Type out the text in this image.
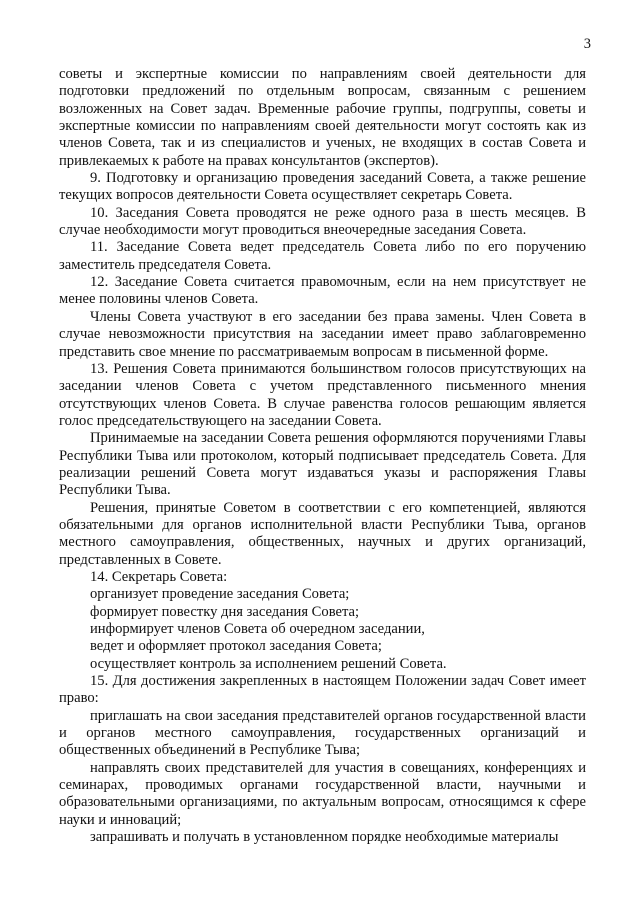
3

советы и экспертные комиссии по направлениям своей деятельности для подготовки предложений по отдельным вопросам, связанным с решением возложенных на Совет задач. Временные рабочие группы, подгруппы, советы и экспертные комиссии по направлениям своей деятельности могут состоять как из членов Совета, так и из специалистов и ученых, не входящих в состав Совета и привлекаемых к работе на правах консультантов (экспертов).

9. Подготовку и организацию проведения заседаний Совета, а также решение текущих вопросов деятельности Совета осуществляет секретарь Совета.

10. Заседания Совета проводятся не реже одного раза в шесть месяцев. В случае необходимости могут проводиться внеочередные заседания Совета.

11. Заседание Совета ведет председатель Совета либо по его поручению заместитель председателя Совета.

12. Заседание Совета считается правомочным, если на нем присутствует не менее половины членов Совета.

Члены Совета участвуют в его заседании без права замены. Член Совета в случае невозможности присутствия на заседании имеет право заблаговременно представить свое мнение по рассматриваемым вопросам в письменной форме.

13. Решения Совета принимаются большинством голосов присутствующих на заседании членов Совета с учетом представленного письменного мнения отсутствующих членов Совета. В случае равенства голосов решающим является голос председательствующего на заседании Совета.

Принимаемые на заседании Совета решения оформляются поручениями Главы Республики Тыва или протоколом, который подписывает председатель Совета. Для реализации решений Совета могут издаваться указы и распоряжения Главы Республики Тыва.

Решения, принятые Советом в соответствии с его компетенцией, являются обязательными для органов исполнительной власти Республики Тыва, органов местного самоуправления, общественных, научных и других организаций, представленных в Совете.

14. Секретарь Совета:

организует проведение заседания Совета;

формирует повестку дня заседания Совета;

информирует членов Совета об очередном заседании,

ведет и оформляет протокол заседания Совета;

осуществляет контроль за исполнением решений Совета.

15. Для достижения закрепленных в настоящем Положении задач Совет имеет право:

приглашать на свои заседания представителей органов государственной власти и органов местного самоуправления, государственных организаций и общественных объединений в Республике Тыва;

направлять своих представителей для участия в совещаниях, конференциях и семинарах, проводимых органами государственной власти, научными и образовательными организациями, по актуальным вопросам, относящимся к сфере науки и инноваций;

запрашивать и получать в установленном порядке необходимые материалы
